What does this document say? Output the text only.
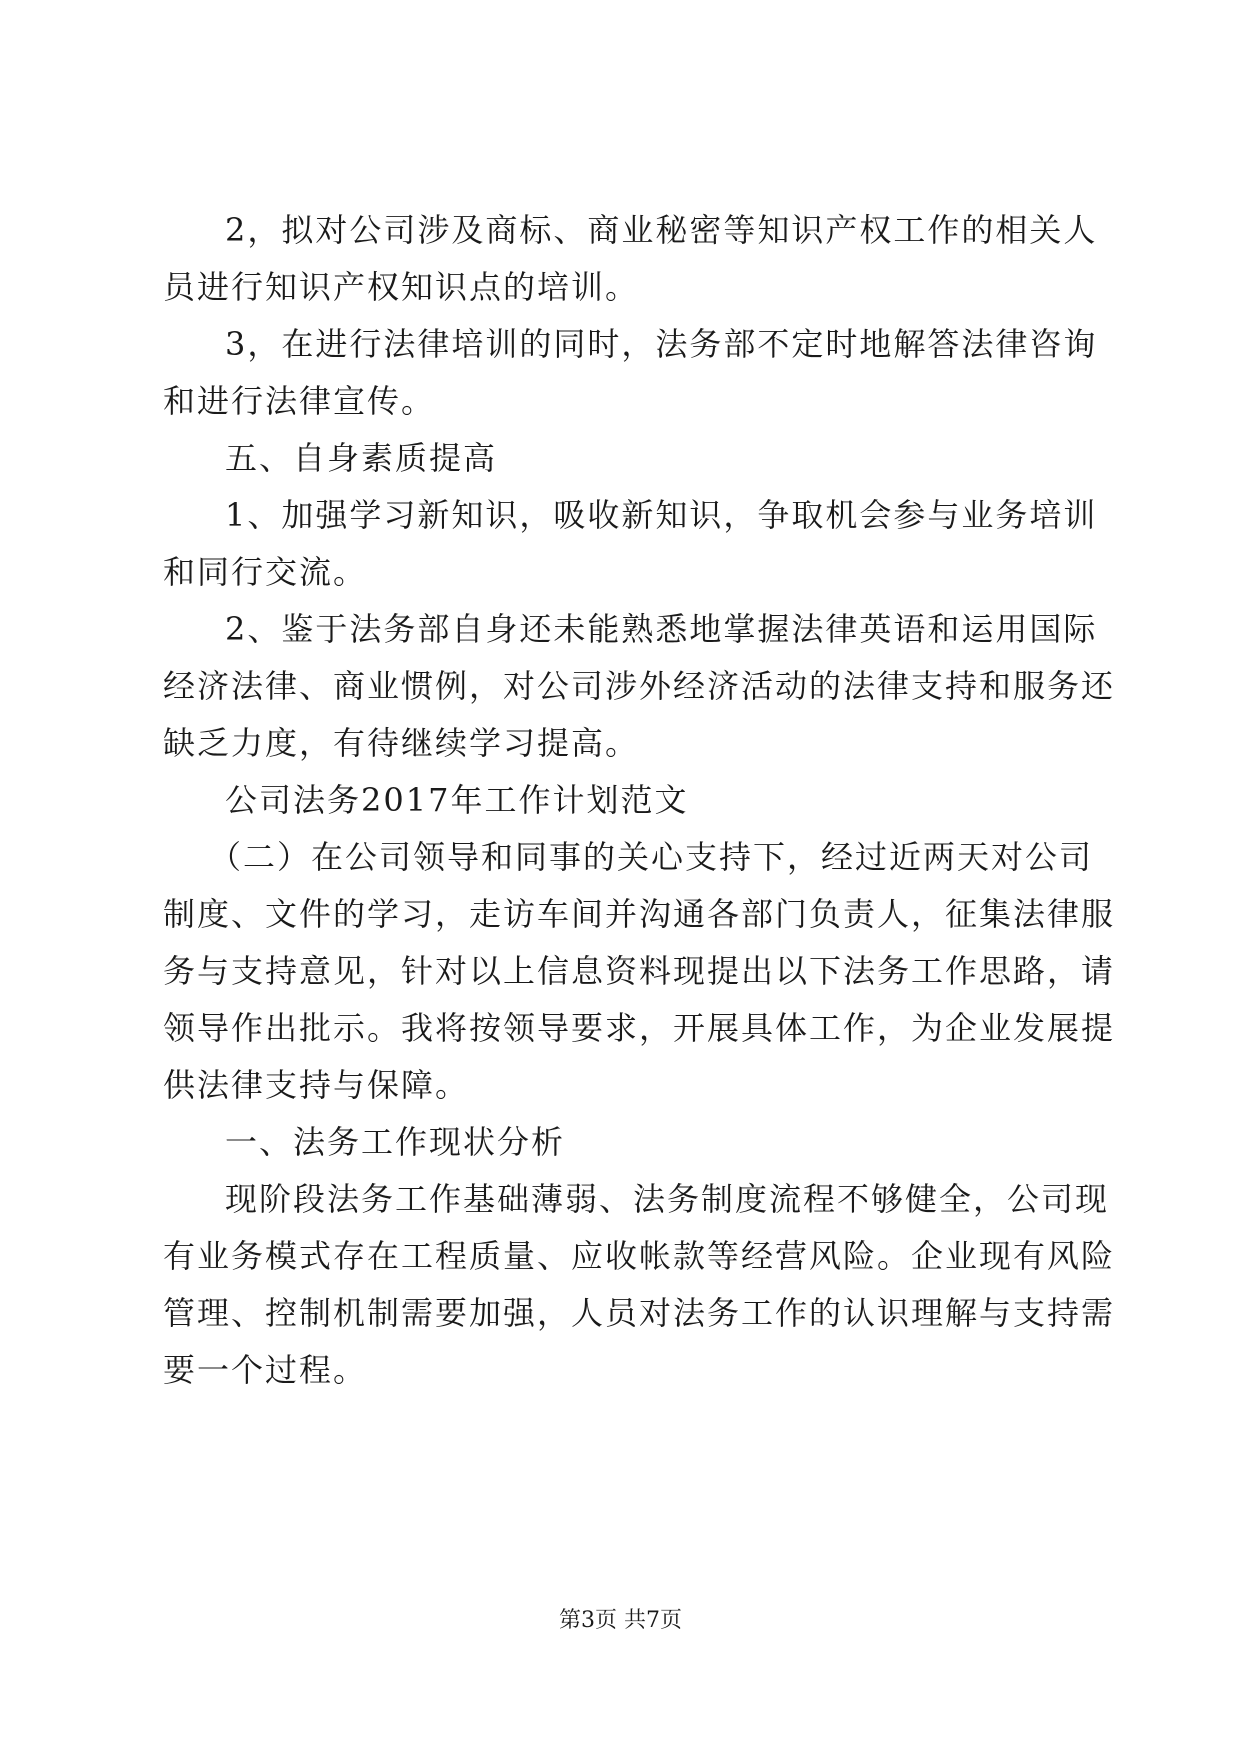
2，拟对公司涉及商标、商业秘密等知识产权工作的相关人
员进行知识产权知识点的培训。
3，在进行法律培训的同时，法务部不定时地解答法律咨询
和进行法律宣传。
五、自身素质提高
1、加强学习新知识，吸收新知识，争取机会参与业务培训
和同行交流。
2、鉴于法务部自身还未能熟悉地掌握法律英语和运用国际
经济法律、商业惯例，对公司涉外经济活动的法律支持和服务还
缺乏力度，有待继续学习提高。
公司法务2017年工作计划范文
（二）在公司领导和同事的关心支持下，经过近两天对公司
制度、文件的学习，走访车间并沟通各部门负责人，征集法律服
务与支持意见，针对以上信息资料现提出以下法务工作思路，请
领导作出批示。我将按领导要求，开展具体工作，为企业发展提
供法律支持与保障。
一、法务工作现状分析
现阶段法务工作基础薄弱、法务制度流程不够健全，公司现
有业务模式存在工程质量、应收帐款等经营风险。企业现有风险
管理、控制机制需要加强，人员对法务工作的认识理解与支持需
要一个过程。
第3页 共7页
